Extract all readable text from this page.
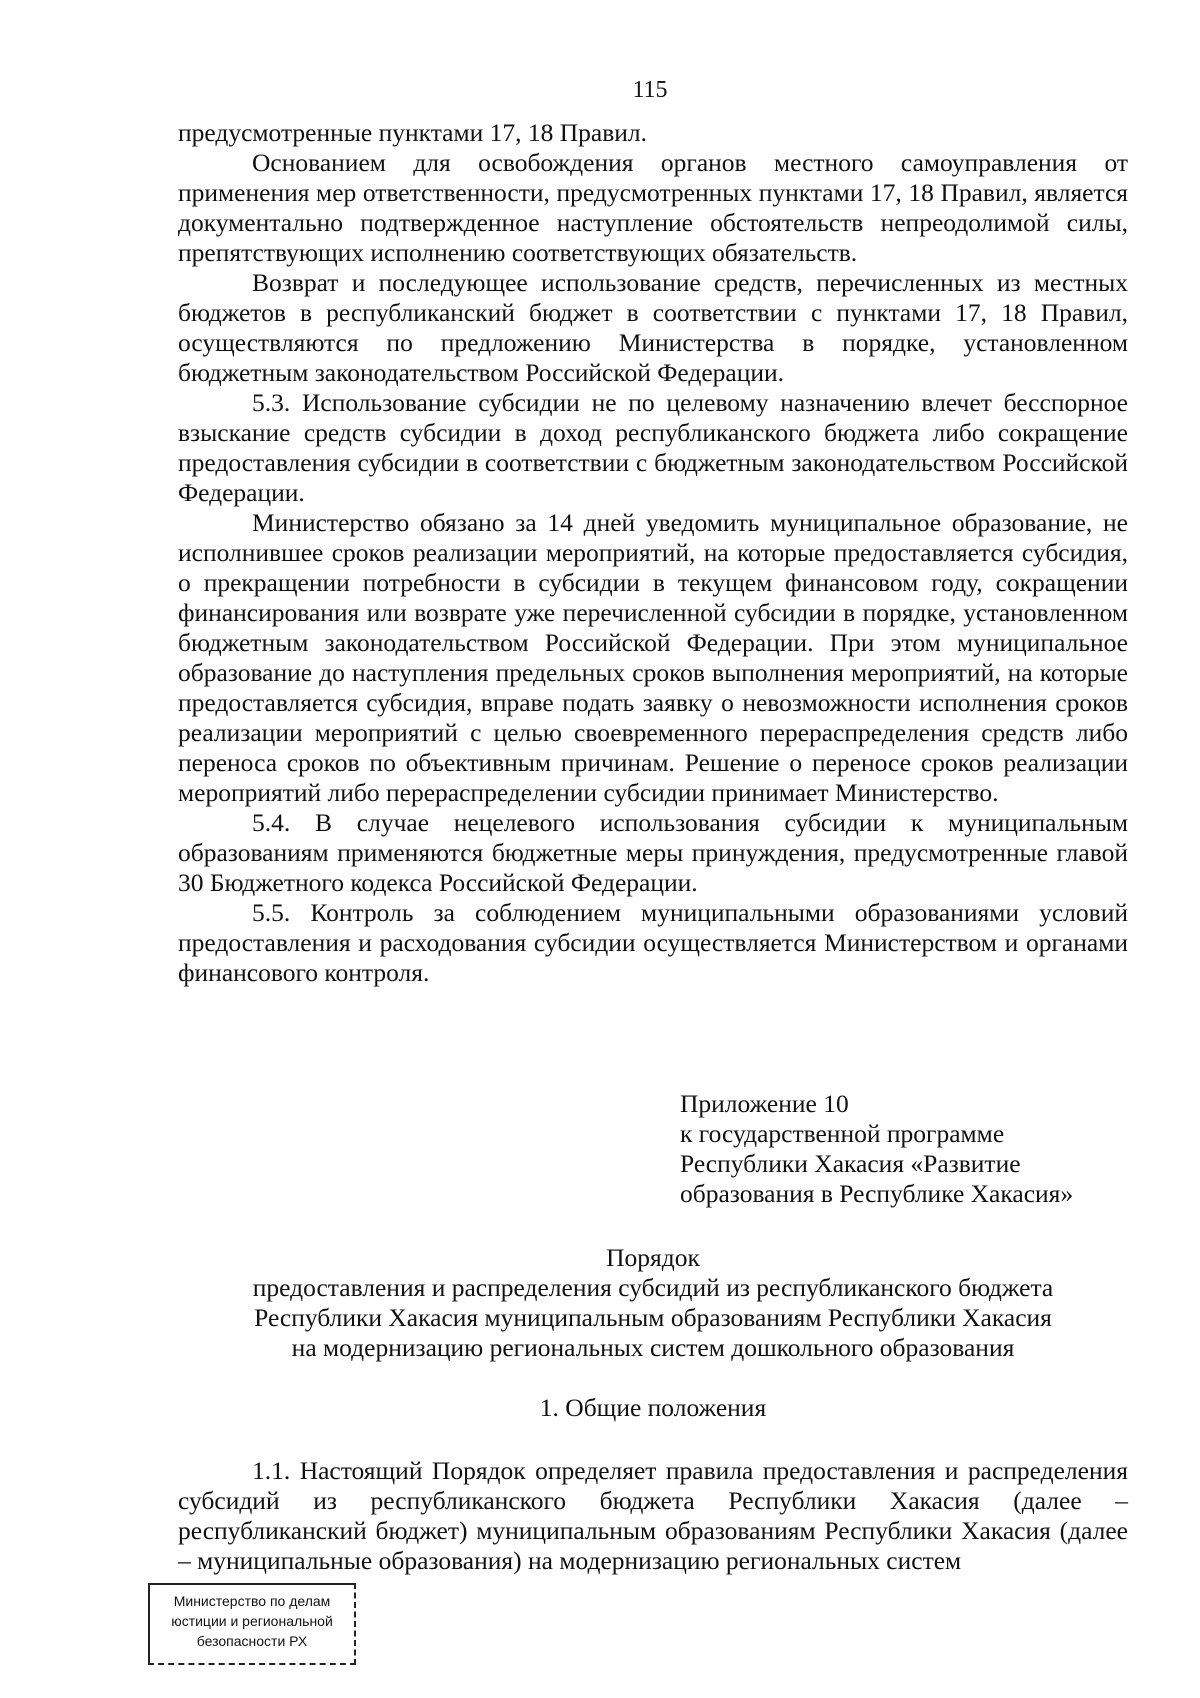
115

предусмотренные пунктами 17, 18 Правил.

Основанием для освобождения органов местного самоуправления от применения мер ответственности, предусмотренных пунктами 17, 18 Правил, является документально подтвержденное наступление обстоятельств непреодолимой силы, препятствующих исполнению соответствующих обязательств.

Возврат и последующее использование средств, перечисленных из местных бюджетов в республиканский бюджет в соответствии с пунктами 17, 18 Правил, осуществляются по предложению Министерства в порядке, установленном бюджетным законодательством Российской Федерации.

5.3. Использование субсидии не по целевому назначению влечет бесспорное взыскание средств субсидии в доход республиканского бюджета либо сокращение предоставления субсидии в соответствии с бюджетным законодательством Российской Федерации.

Министерство обязано за 14 дней уведомить муниципальное образование, не исполнившее сроков реализации мероприятий, на которые предоставляется субсидия, о прекращении потребности в субсидии в текущем финансовом году, сокращении финансирования или возврате уже перечисленной субсидии в порядке, установленном бюджетным законодательством Российской Федерации. При этом муниципальное образование до наступления предельных сроков выполнения мероприятий, на которые предоставляется субсидия, вправе подать заявку о невозможности исполнения сроков реализации мероприятий с целью своевременного перераспределения средств либо переноса сроков по объективным причинам. Решение о переносе сроков реализации мероприятий либо перераспределении субсидии принимает Министерство.

5.4. В случае нецелевого использования субсидии к муниципальным образованиям применяются бюджетные меры принуждения, предусмотренные главой 30 Бюджетного кодекса Российской Федерации.

5.5. Контроль за соблюдением муниципальными образованиями условий предоставления и расходования субсидии осуществляется Министерством и органами финансового контроля.

Приложение 10
к государственной программе
Республики Хакасия «Развитие
образования в Республике Хакасия»
Порядок
предоставления и распределения субсидий из республиканского бюджета
Республики Хакасия муниципальным образованиям Республики Хакасия
на модернизацию региональных систем дошкольного образования
1. Общие положения

1.1. Настоящий Порядок определяет правила предоставления и распределения субсидий из республиканского бюджета Республики Хакасия (далее – республиканский бюджет) муниципальным образованиям Республики Хакасия (далее – муниципальные образования) на модернизацию региональных систем

Министерство по делам
юстиции и региональной
безопасности РХ
